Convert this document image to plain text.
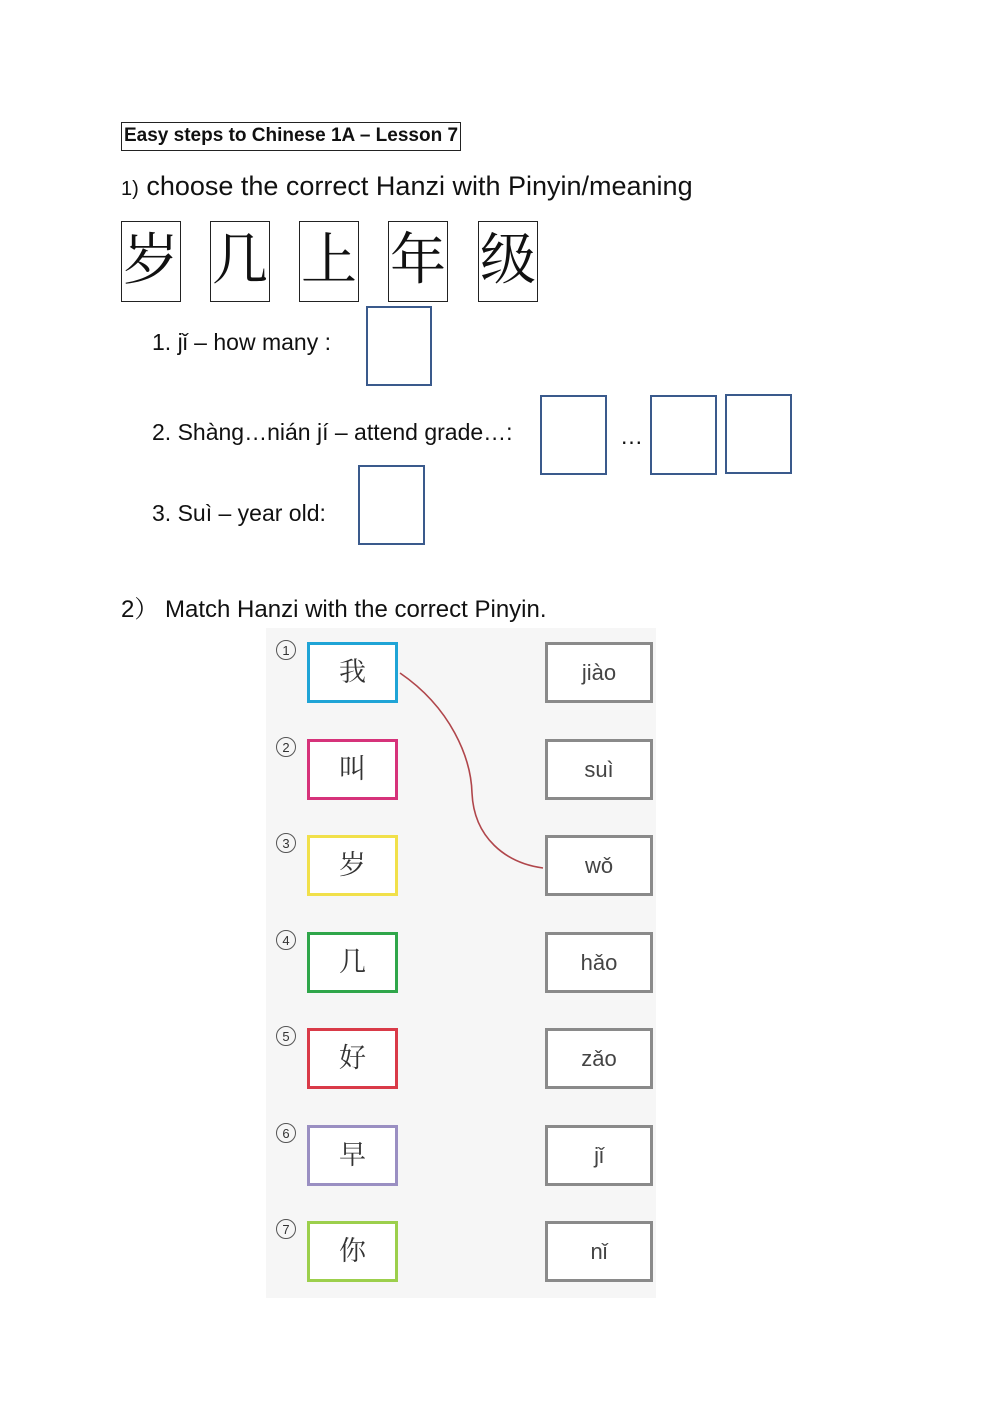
Easy steps to Chinese 1A – Lesson 7
1) choose the correct Hanzi with Pinyin/meaning
岁 几 上 年 级
1. jǐ – how many :
2. Shàng…nián jí – attend grade…:	…
3. Suì – year old:
2） Match Hanzi with the correct Pinyin.
1
我	jiào
2
叫	suì
3
岁	wǒ
4
几	hǎo
5
好	zǎo
6
早	jǐ
7
你	nǐ
